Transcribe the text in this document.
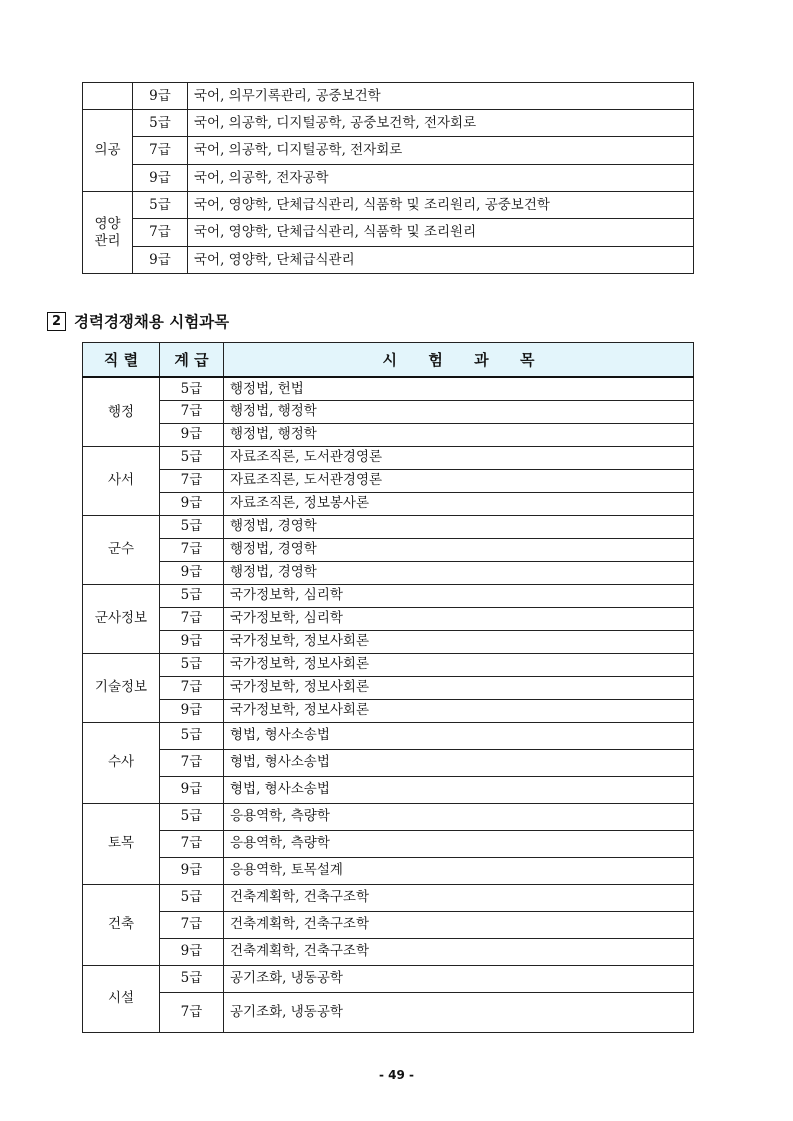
	9급	국어, 의무기록관리, 공중보건학
의공	5급	국어, 의공학, 디지털공학, 공중보건학, 전자회로
	7급	국어, 의공학, 디지털공학, 전자회로
	9급	국어, 의공학, 전자공학
영양
관리	5급	국어, 영양학, 단체급식관리, 식품학 및 조리원리, 공중보건학
	7급	국어, 영양학, 단체급식관리, 식품학 및 조리원리
	9급	국어, 영양학, 단체급식관리
2 경력경쟁채용 시험과목
직 렬	계 급	시      험      과      목
행정	5급	행정법, 헌법
	7급	행정법, 행정학
	9급	행정법, 행정학
사서	5급	자료조직론, 도서관경영론
	7급	자료조직론, 도서관경영론
	9급	자료조직론, 정보봉사론
군수	5급	행정법, 경영학
	7급	행정법, 경영학
	9급	행정법, 경영학
군사정보	5급	국가정보학, 심리학
	7급	국가정보학, 심리학
	9급	국가정보학, 정보사회론
기술정보	5급	국가정보학, 정보사회론
	7급	국가정보학, 정보사회론
	9급	국가정보학, 정보사회론
수사	5급	형법, 형사소송법
	7급	형법, 형사소송법
	9급	형법, 형사소송법
토목	5급	응용역학, 측량학
	7급	응용역학, 측량학
	9급	응용역학, 토목설계
건축	5급	건축계획학, 건축구조학
	7급	건축계획학, 건축구조학
	9급	건축계획학, 건축구조학
시설	5급	공기조화, 냉동공학
	7급	공기조화, 냉동공학
- 49 -
